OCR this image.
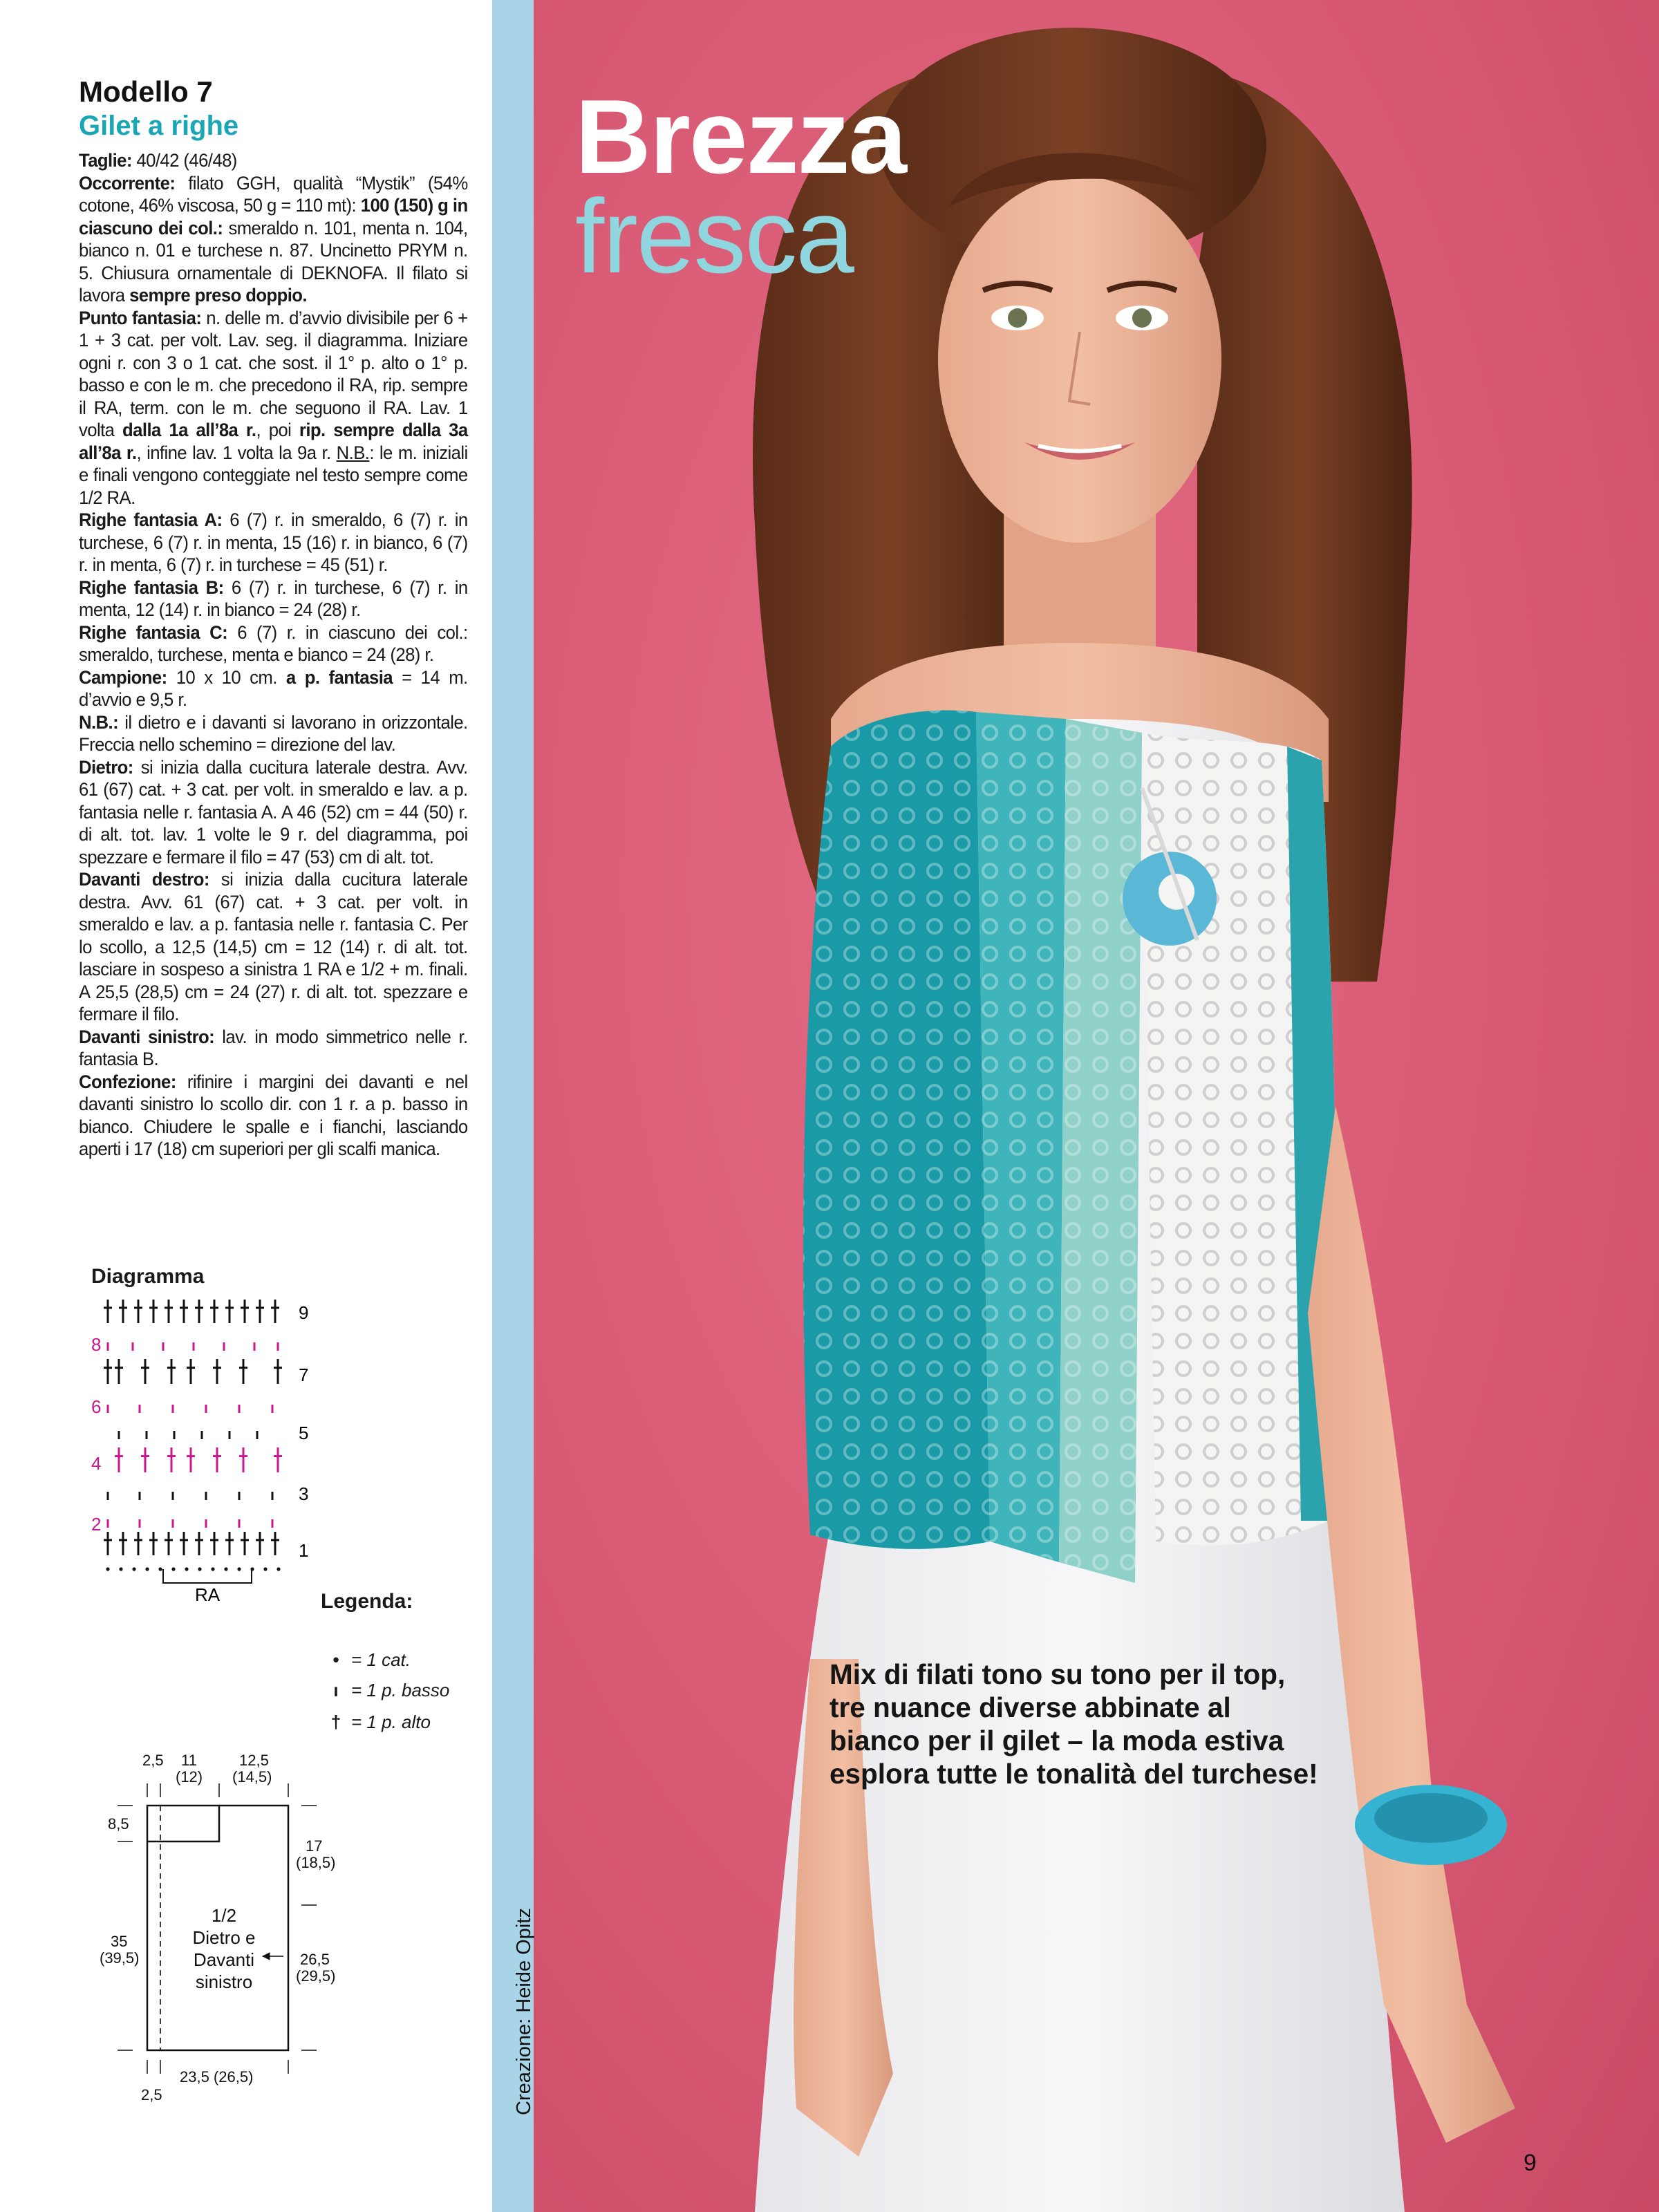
Modello 7
Gilet a righe

Taglie: 40/42 (46/48)

Occorrente: filato GGH, qualità “Mystik” (54% cotone, 46% viscosa, 50 g = 110 mt): 100 (150) g in ciascuno dei col.: smeraldo n. 101, menta n. 104, bianco n. 01 e turchese n. 87. Uncinetto PRYM n. 5. Chiusura ornamentale di DEKNOFA. Il filato si lavora sempre preso doppio.

Punto fantasia: n. delle m. d’avvio divisibile per 6 + 1 + 3 cat. per volt. Lav. seg. il diagramma. Iniziare ogni r. con 3 o 1 cat. che sost. il 1° p. alto o 1° p. basso e con le m. che precedono il RA, rip. sempre il RA, term. con le m. che seguono il RA. Lav. 1 volta dalla 1a all’8a r., poi rip. sempre dalla 3a all’8a r., infine lav. 1 volta la 9a r. N.B.: le m. iniziali e finali vengono conteggiate nel testo sempre come 1/2 RA.

Righe fantasia A: 6 (7) r. in smeraldo, 6 (7) r. in turchese, 6 (7) r. in menta, 15 (16) r. in bianco, 6 (7) r. in menta, 6 (7) r. in turchese = 45 (51) r.

Righe fantasia B: 6 (7) r. in turchese, 6 (7) r. in menta, 12 (14) r. in bianco = 24 (28) r.

Righe fantasia C: 6 (7) r. in ciascuno dei col.: smeraldo, turchese, menta e bianco = 24 (28) r.

Campione: 10 x 10 cm. a p. fantasia = 14 m. d’avvio e 9,5 r.

N.B.: il dietro e i davanti si lavorano in orizzontale. Freccia nello schemino = direzione del lav.

Dietro: si inizia dalla cucitura laterale destra. Avv. 61 (67) cat. + 3 cat. per volt. in smeraldo e lav. a p. fantasia nelle r. fantasia A. A 46 (52) cm = 44 (50) r. di alt. tot. lav. 1 volte le 9 r. del diagramma, poi spezzare e fermare il filo = 47 (53) cm di alt. tot.

Davanti destro: si inizia dalla cucitura laterale destra. Avv. 61 (67) cat. + 3 cat. per volt. in smeraldo e lav. a p. fantasia nelle r. fantasia C. Per lo scollo, a 12,5 (14,5) cm = 12 (14) r. di alt. tot. lasciare in sospeso a sinistra 1 RA e 1/2 + m. finali. A 25,5 (28,5) cm = 24 (27) r. di alt. tot. spezzare e fermare il filo.

Davanti sinistro: lav. in modo simmetrico nelle r. fantasia B.

Confezione: rifinire i margini dei davanti e nel davanti sinistro lo scollo dir. con 1 r. a p. basso in bianco. Chiudere le spalle e i fianchi, lasciando aperti i 17 (18) cm superiori per gli scalfi manica.

Diagramma
9
7
5
3
1
8
6
4
2
RA	Legenda:
• = 1 cat.
ı = 1 p. basso
† = 1 p. alto
2,5 11
(12)
12,5
(14,5)
8,5
35
(39,5)
17
(18,5)
26,5
(29,5)
23,5 (26,5)
2,5
1/2
Dietro e
Davanti
sinistro
Brezza
fresca
Mix di filati tono su tono per il top, tre nuance diverse abbinate al bianco per il gilet – la moda estiva esplora tutte le tonalità del turchese!
Creazione: Heide Opitz
9
